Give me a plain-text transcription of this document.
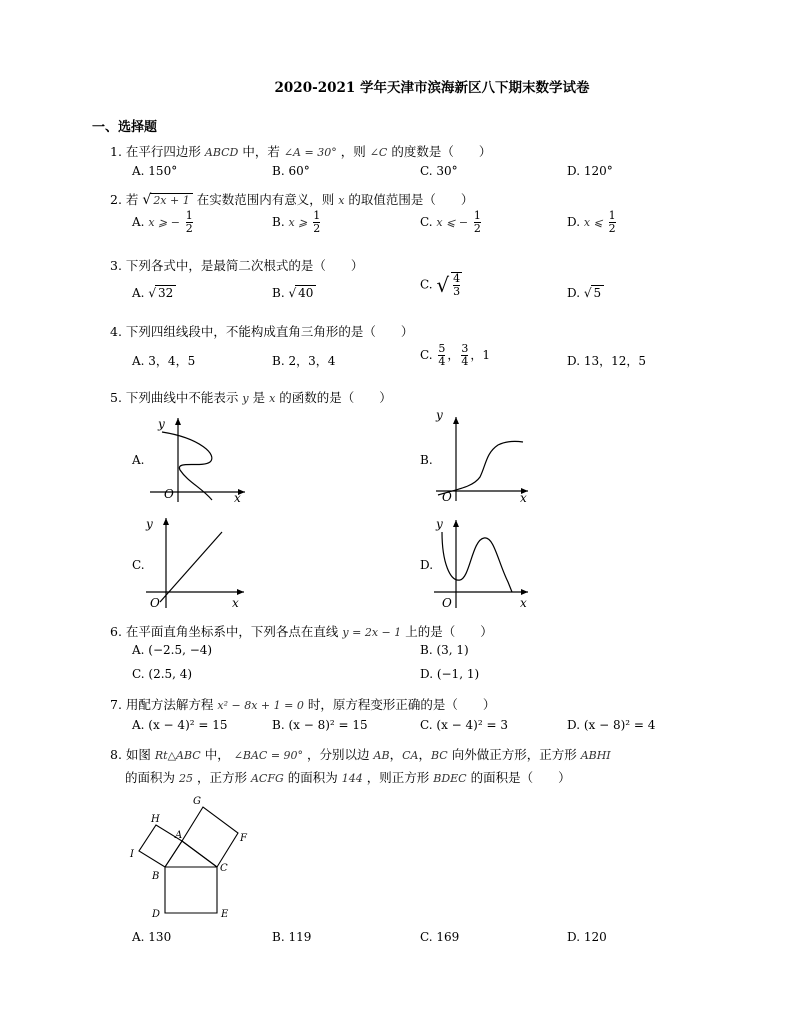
2020-2021 学年天津市滨海新区八下期末数学试卷
一、选择题
1. 在平行四边形 ABCD 中，若 ∠A = 30° ，则 ∠C 的度数是（　　）
A. 150°	B. 60°	C. 30°	D. 120°
2. 若 √ 2x + 1 在实数范围内有意义，则 x 的取值范围是（　　）
A. x ⩾ − $\frac{1}{2}$	B. x ⩾ $\frac{1}{2}$	C. x ⩽ − $\frac{1}{2}$	D. x ⩽ $\frac{1}{2}$
3. 下列各式中，是最简二次根式的是（　　）
A. √ 32	B. √ 40
C. √ $\frac{4}{3}$	D. √ 5
4. 下列四组线段中，不能构成直角三角形的是（　　）
A. 3，4，5	B. 2，3，4	C. $\frac{5}{4}$ ， $\frac{3}{4}$ ，1	D. 13，12，5
5. 下列曲线中不能表示 y 是 x 的函数的是（　　）
A.	B.
C.	D.
y
O	x
y
O	x
y
O	x
y
O	x
6. 在平面直角坐标系中，下列各点在直线 y = 2x − 1 上的是（　　）
A. (−2.5, −4)	B. (3, 1)
C. (2.5, 4)	D. (−1, 1)
7. 用配方法解方程 x² − 8x + 1 = 0 时，原方程变形正确的是（　　）
A. (x − 4)² = 15	B. (x − 8)² = 15	C. (x − 4)² = 3	D. (x − 8)² = 4
8. 如图 Rt△ABC 中， ∠BAC = 90° ，分别以边 AB，CA，BC 向外做正方形，正方形 ABHI
的面积为 25 ，正方形 ACFG 的面积为 144 ，则正方形 BDEC 的面积是（　　）
G
H
A	F
I
B
C
D	E
A. 130	B. 119	C. 169	D. 120
